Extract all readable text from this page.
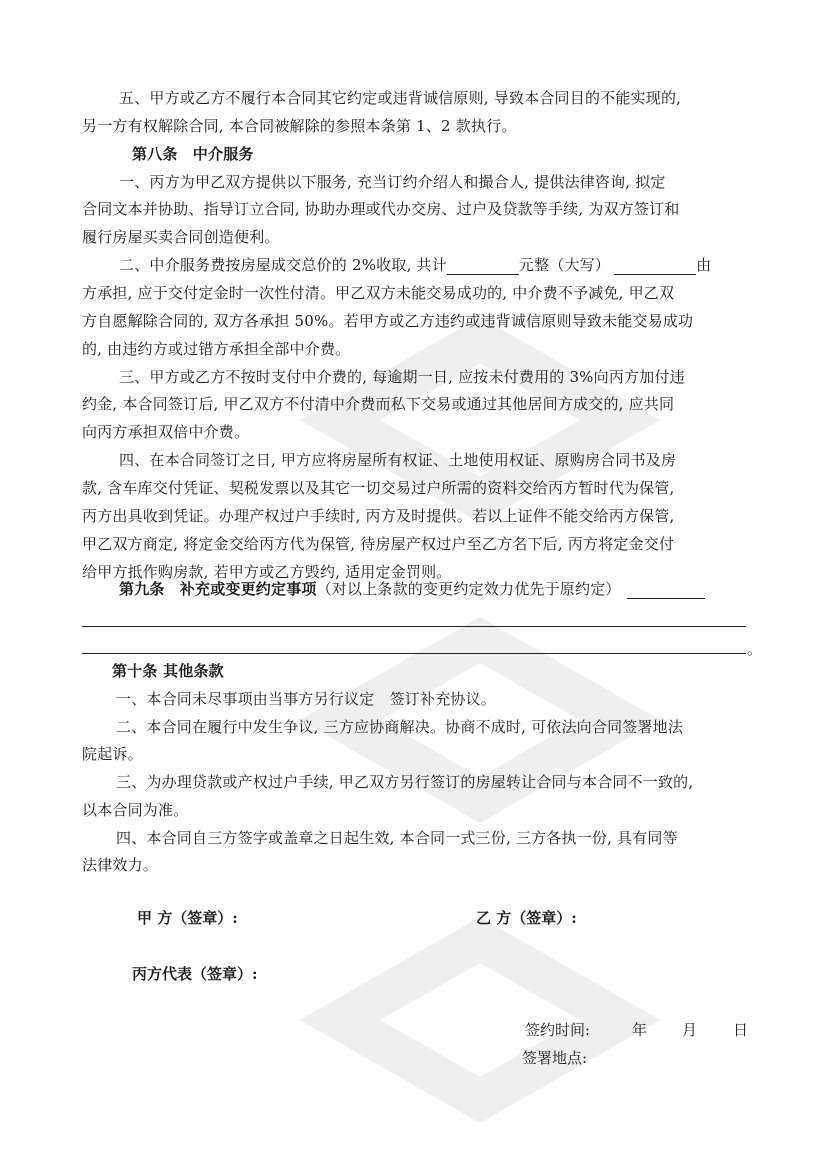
五、甲方或乙方不履行本合同其它约定或违背诚信原则, 导致本合同目的不能实现的,
另一方有权解除合同, 本合同被解除的参照本条第 1、2 款执行。
第八条　中介服务
一、丙方为甲乙双方提供以下服务, 充当订约介绍人和撮合人, 提供法律咨询, 拟定
合同文本并协助、指导订立合同, 协助办理或代办交房、过户及贷款等手续, 为双方签订和
履行房屋买卖合同创造便利。
二、中介服务费按房屋成交总价的 2%收取, 共计	元整（大写）	由
方承担, 应于交付定金时一次性付清。甲乙双方未能交易成功的, 中介费不予减免, 甲乙双
方自愿解除合同的, 双方各承担 50%。若甲方或乙方违约或违背诚信原则导致未能交易成功
的, 由违约方或过错方承担全部中介费。
三、甲方或乙方不按时支付中介费的, 每逾期一日, 应按未付费用的 3%向丙方加付违
约金, 本合同签订后, 甲乙双方不付清中介费而私下交易或通过其他居间方成交的, 应共同
向丙方承担双倍中介费。
四、在本合同签订之日, 甲方应将房屋所有权证、土地使用权证、原购房合同书及房
款, 含车库交付凭证、契税发票以及其它一切交易过户所需的资料交给丙方暂时代为保管,
丙方出具收到凭证。办理产权过户手续时, 丙方及时提供。若以上证件不能交给丙方保管,
甲乙双方商定, 将定金交给丙方代为保管, 待房屋产权过户至乙方名下后, 丙方将定金交付
给甲方抵作购房款, 若甲方或乙方毁约, 适用定金罚则。
第九条　补充或变更约定事项（对以上条款的变更约定效力优先于原约定）
。
第十条 其他条款
一、本合同未尽事项由当事方另行议定　签订补充协议。
二、本合同在履行中发生争议, 三方应协商解决。协商不成时, 可依法向合同签署地法
院起诉。
三、为办理贷款或产权过户手续, 甲乙双方另行签订的房屋转让合同与本合同不一致的,
以本合同为准。
四、本合同自三方签字或盖章之日起生效, 本合同一式三份, 三方各执一份, 具有同等
法律效力。
甲 方（签章）:	乙 方（签章）:
丙方代表（签章）:
签约时间:	年 月 日
签署地点:
